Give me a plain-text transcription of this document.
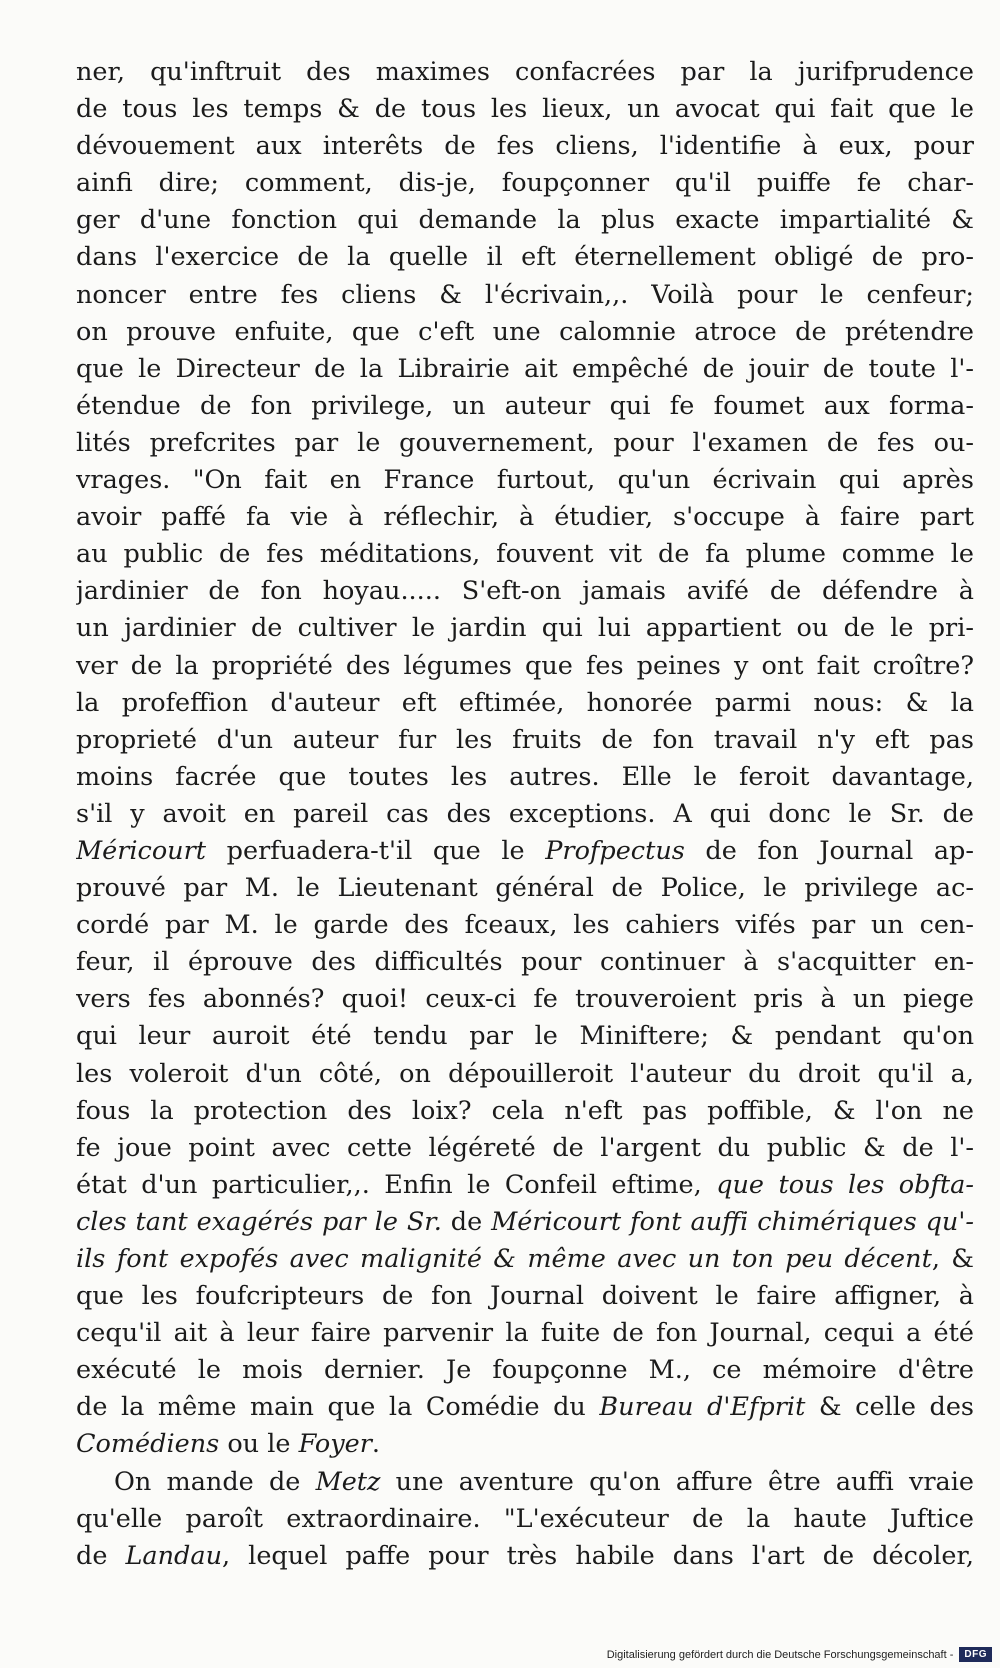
ner, qu'inftruit des maximes confacrées par la jurifprudence
de tous les temps & de tous les lieux, un avocat qui fait que le
dévouement aux interêts de fes cliens, l'identifie à eux, pour
ainfi dire; comment, dis-je, foupçonner qu'il puiffe fe char-
ger d'une fonction qui demande la plus exacte impartialité &
dans l'exercice de la quelle il eft éternellement obligé de pro-
noncer entre fes cliens & l'écrivain,,. Voilà pour le cenfeur;
on prouve enfuite, que c'eft une calomnie atroce de prétendre
que le Directeur de la Librairie ait empêché de jouir de toute l'-
étendue de fon privilege, un auteur qui fe foumet aux forma-
lités prefcrites par le gouvernement, pour l'examen de fes ou-
vrages. "On fait en France furtout, qu'un écrivain qui après
avoir paffé fa vie à réflechir, à étudier, s'occupe à faire part
au public de fes méditations, fouvent vit de fa plume comme le
jardinier de fon hoyau..... S'eft-on jamais avifé de défendre à
un jardinier de cultiver le jardin qui lui appartient ou de le pri-
ver de la propriété des légumes que fes peines y ont fait croître?
la profeffion d'auteur eft eftimée, honorée parmi nous: & la
proprieté d'un auteur fur les fruits de fon travail n'y eft pas
moins facrée que toutes les autres. Elle le feroit davantage,
s'il y avoit en pareil cas des exceptions. A qui donc le Sr. de
Méricourt perfuadera-t'il que le Profpectus de fon Journal ap-
prouvé par M. le Lieutenant général de Police, le privilege ac-
cordé par M. le garde des fceaux, les cahiers vifés par un cen-
feur, il éprouve des difficultés pour continuer à s'acquitter en-
vers fes abonnés? quoi! ceux-ci fe trouveroient pris à un piege
qui leur auroit été tendu par le Miniftere; & pendant qu'on
les voleroit d'un côté, on dépouilleroit l'auteur du droit qu'il a,
fous la protection des loix? cela n'eft pas poffible, & l'on ne
fe joue point avec cette légéreté de l'argent du public & de l'-
état d'un particulier,,. Enfin le Confeil eftime, que tous les obfta-
cles tant exagérés par le Sr. de Méricourt font auffi chimériques qu'-
ils font expofés avec malignité & même avec un ton peu décent, &
que les foufcripteurs de fon Journal doivent le faire affigner, à
cequ'il ait à leur faire parvenir la fuite de fon Journal, cequi a été
exécuté le mois dernier. Je foupçonne M., ce mémoire d'être
de la même main que la Comédie du Bureau d'Efprit & celle des
Comédiens ou le Foyer.
On mande de Metz une aventure qu'on affure être auffi vraie
qu'elle paroît extraordinaire. "L'exécuteur de la haute Juftice
de Landau, lequel paffe pour très habile dans l'art de décoler,
Digitalisierung gefördert durch die Deutsche Forschungsgemeinschaft -	DFG
